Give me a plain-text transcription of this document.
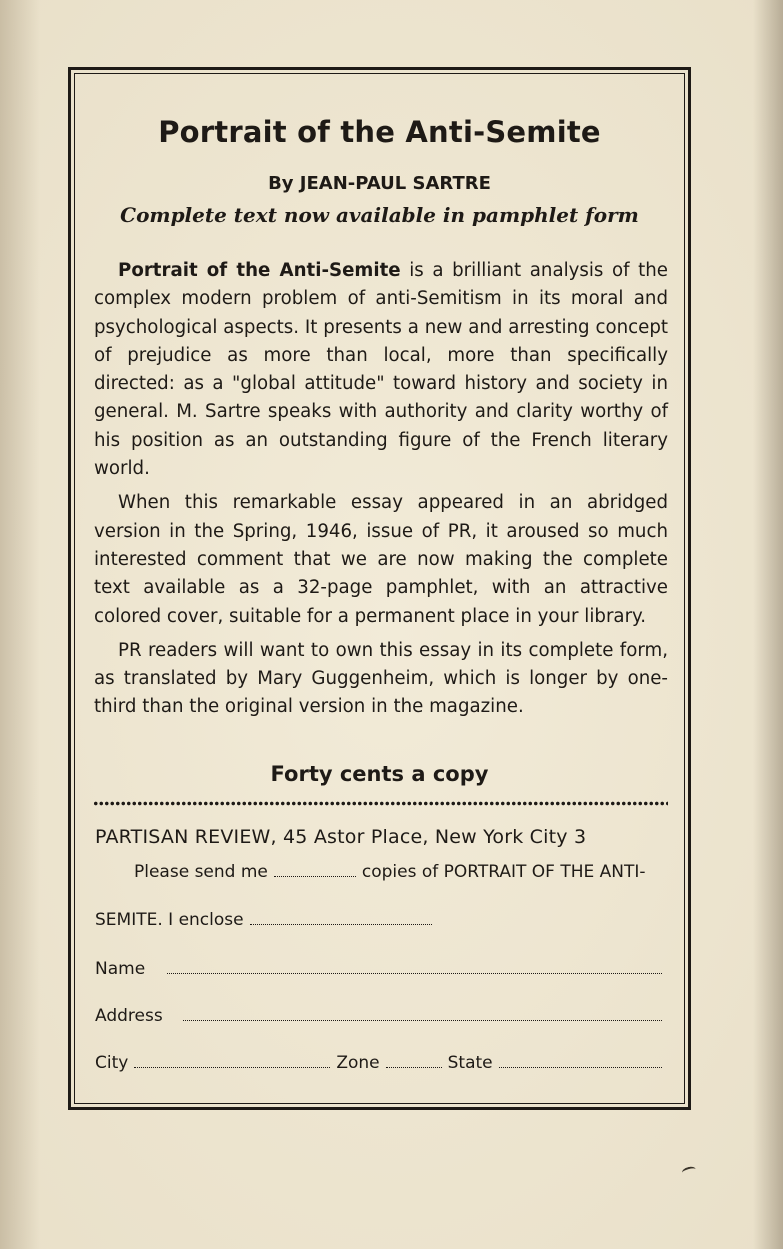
Portrait of the Anti-Semite
By JEAN-PAUL SARTRE
Complete text now available in pamphlet form

Portrait of the Anti-Semite is a brilliant analysis of the complex modern problem of anti-Semitism in its moral and psychological aspects. It presents a new and arresting concept of prejudice as more than local, more than specifically directed: as a "global attitude" toward history and society in general. M. Sartre speaks with authority and clarity worthy of his position as an outstanding figure of the French literary world.

When this remarkable essay appeared in an abridged version in the Spring, 1946, issue of PR, it aroused so much interested comment that we are now making the complete text available as a 32-page pamphlet, with an attractive colored cover, suitable for a permanent place in your library.

PR readers will want to own this essay in its complete form, as translated by Mary Guggenheim, which is longer by one-third than the original version in the magazine.

Forty cents a copy
PARTISAN REVIEW, 45 Astor Place, New York City 3
Please send me	copies of PORTRAIT OF THE ANTI-
SEMITE. I enclose
Name
Address
City	Zone	State
